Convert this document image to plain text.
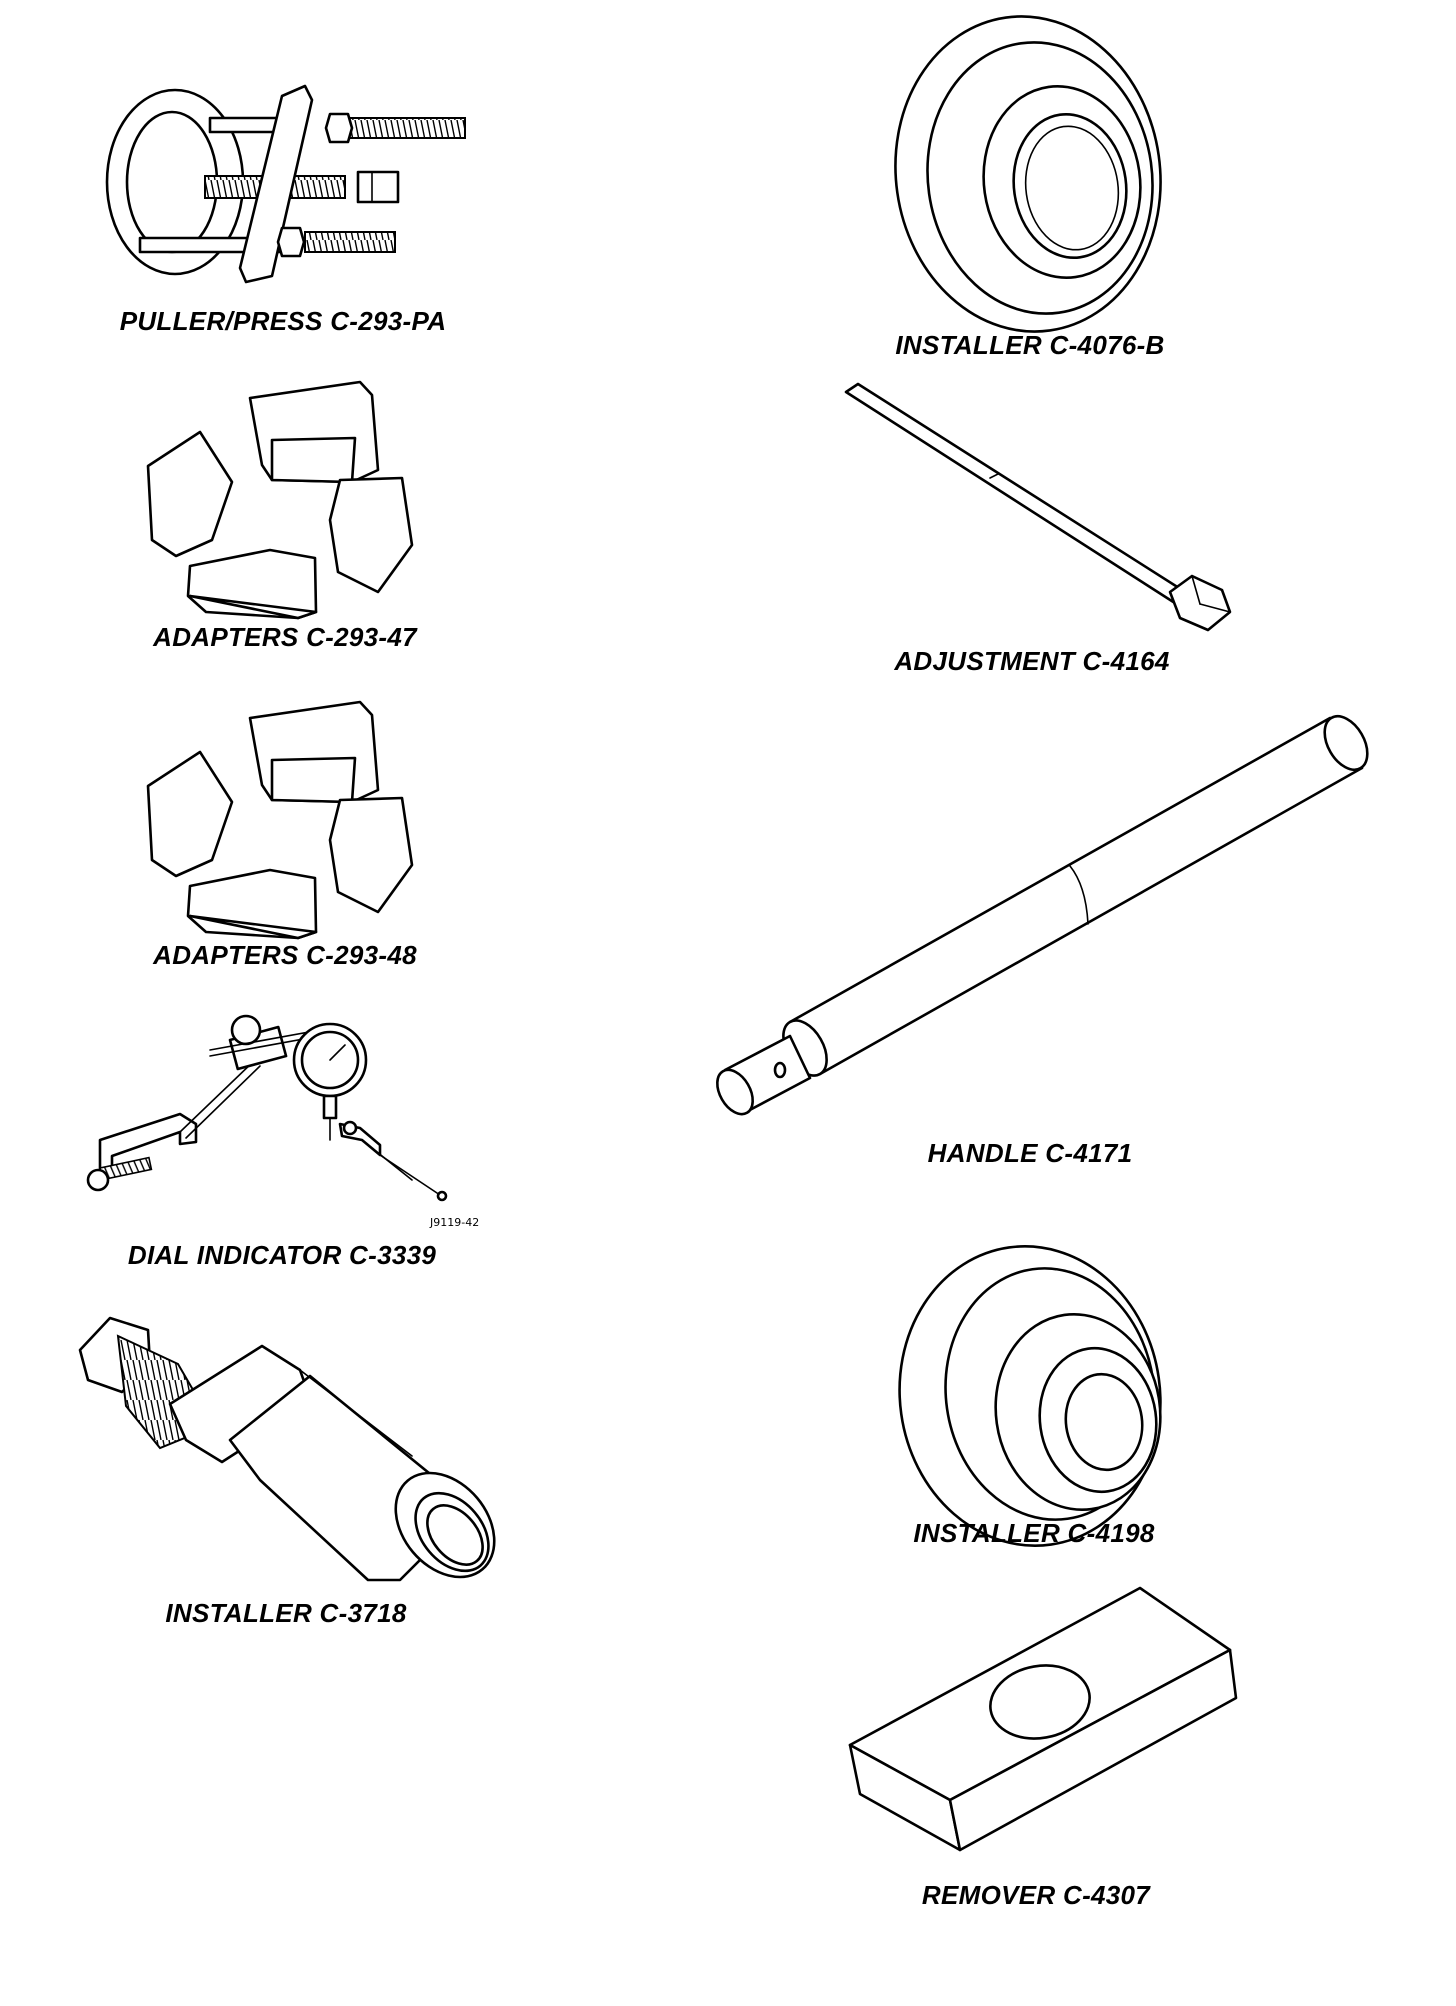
PULLER/PRESS C-293-PA
ADAPTERS C-293-47
ADAPTERS C-293-48
DIAL INDICATOR C-3339
INSTALLER C-3718
INSTALLER C-4076-B
ADJUSTMENT C-4164
HANDLE C-4171
INSTALLER C-4198
REMOVER C-4307
J9119-42
